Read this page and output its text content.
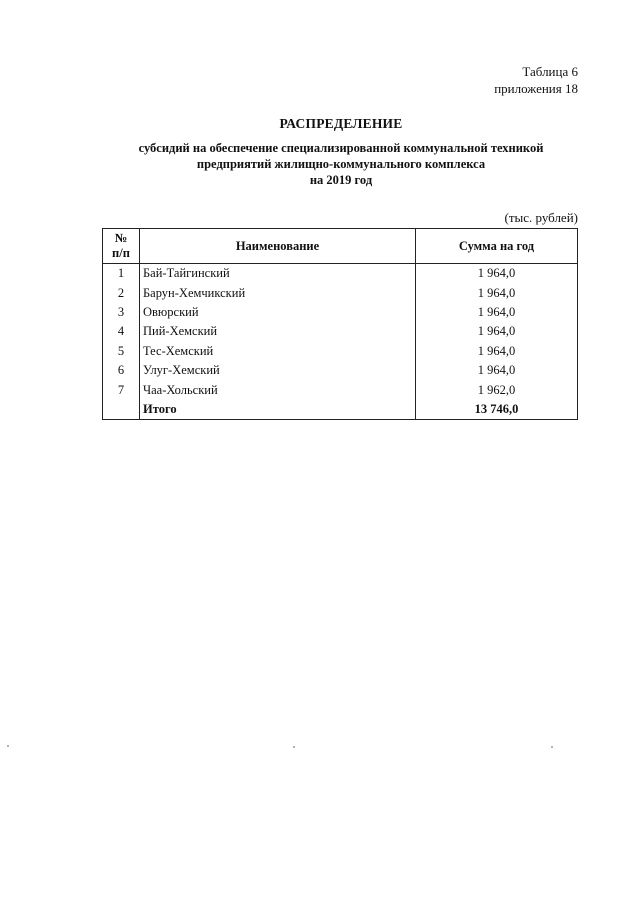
Таблица 6
приложения 18
РАСПРЕДЕЛЕНИЕ
субсидий на обеспечение специализированной коммунальной техникой
предприятий жилищно-коммунального комплекса
на 2019 год
(тыс. рублей)
№
п/п	Наименование	Сумма на год
1	Бай-Тайгинский	1 964,0
2	Барун-Хемчикский	1 964,0
3	Овюрский	1 964,0
4	Пий-Хемский	1 964,0
5	Тес-Хемский	1 964,0
6	Улуг-Хемский	1 964,0
7	Чаа-Хольский	1 962,0
	Итого	13 746,0
